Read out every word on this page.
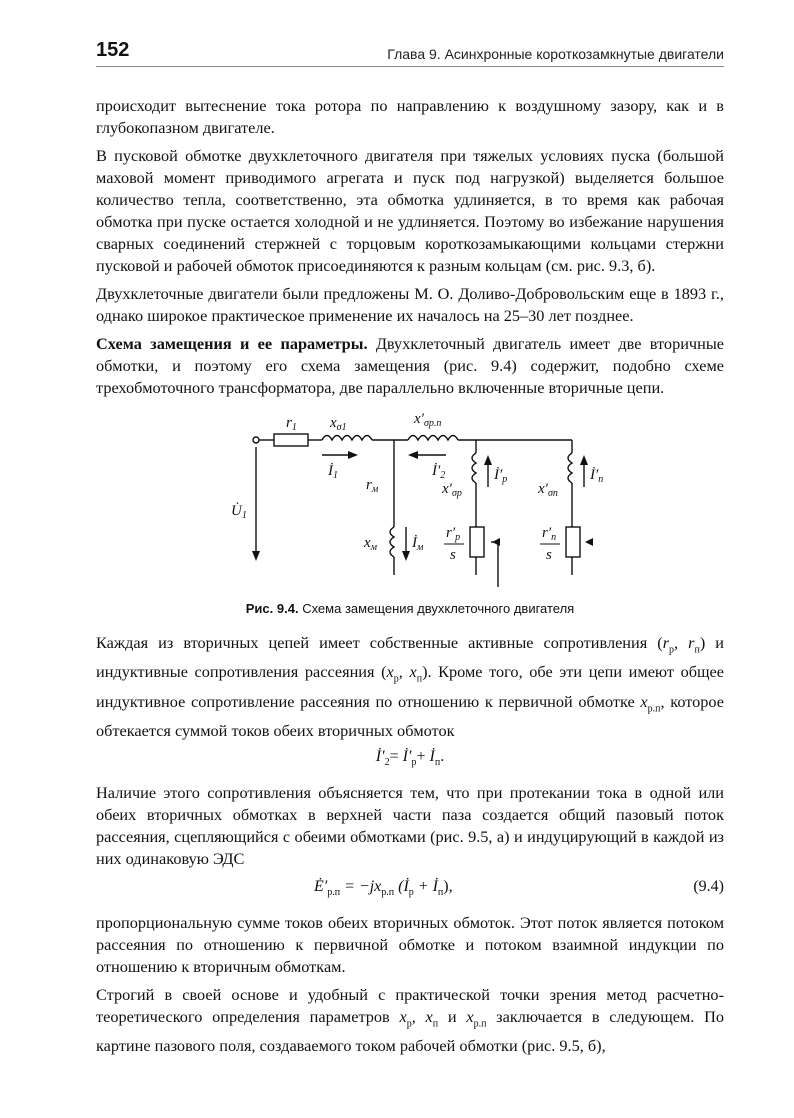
152	Глава 9. Асинхронные короткозамкнутые двигатели

происходит вытеснение тока ротора по направлению к воздушному зазору, как и в глубокопазном двигателе.

В пусковой обмотке двухклеточного двигателя при тяжелых условиях пуска (большой маховой момент приводимого агрегата и пуск под нагрузкой) выделяется большое количество тепла, соответственно, эта обмотка удлиняется, в то время как рабочая обмотка при пуске остается холодной и не удлиняется. Поэтому во избежание нарушения сварных соединений стержней с торцовым короткозамыкающими кольцами стержни пусковой и рабочей обмоток присоединяются к разным кольцам (см. рис. 9.3, б).

Двухклеточные двигатели были предложены М. О. Доливо-Добровольским еще в 1893 г., однако широкое практическое применение их началось на 25–30 лет позднее.

Схема замещения и ее параметры. Двухклеточный двигатель имеет две вторичные обмотки, и поэтому его схема замещения (рис. 9.4) содержит, подобно схеме трехобмоточного трансформатора, две параллельно включенные вторичные цепи.

$r_1$ $x_{\sigma 1}$
$x'_{\sigma р.п}$
$İ_1$	$İ'_2$
$U̇_1$
$r_м$
$x_м$ $İ_м$
$x'_{\sigma р}$
$İ'_р$
$x'_{\sigma п}$
$İ'_п$
$r'_р$
s
$r'_п$
s
Рис. 9.4. Схема замещения двухклеточного двигателя

Каждая из вторичных цепей имеет собственные активные сопротивления ($r_р$, $r_п$) и индуктивные сопротивления рассеяния ($x_р$, $x_п$). Кроме того, обе эти цепи имеют общее индуктивное сопротивление рассеяния по отношению к первичной обмотке $x_{р.п}$, которое обтекается суммой токов обеих вторичных обмоток

$İ'_2=$ $İ'_р+$ $İ_п$.

Наличие этого сопротивления объясняется тем, что при протекании тока в одной или обеих вторичных обмотках в верхней части паза создается общий пазовый поток рассеяния, сцепляющийся с обеими обмотками (рис. 9.5, а) и индуцирующий в каждой из них одинаковую ЭДС

$Ė'_{р.п} = -jx_{р.п}$ ($İ_р$ + $İ_п$),	(9.4)

пропорциональную сумме токов обеих вторичных обмоток. Этот поток является потоком рассеяния по отношению к первичной обмотке и потоком взаимной индукции по отношению к вторичным обмоткам.

Строгий в своей основе и удобный с практической точки зрения метод расчетно-теоретического определения параметров $x_р$, $x_п$ и $x_{р.п}$ заключается в следующем. По картине пазового поля, создаваемого током рабочей обмотки (рис. 9.5, б),
